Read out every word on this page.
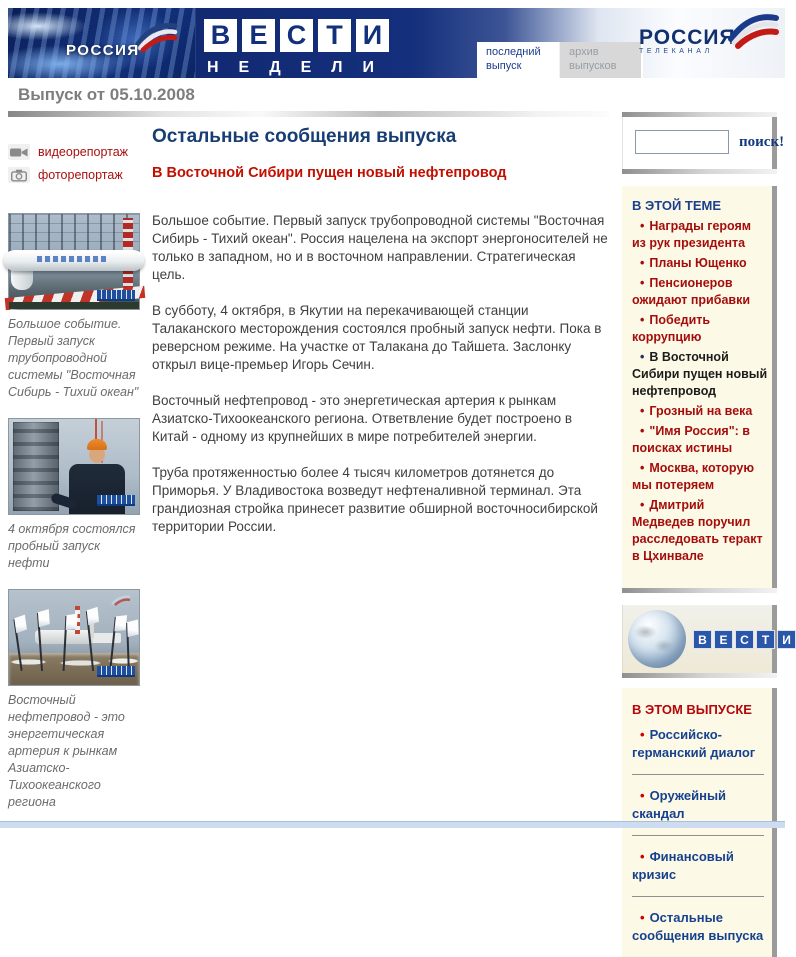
РОССИЯ
В Е С Т И
НЕДЕЛИ
последний выпуск
архив выпусков
РОССИЯ
ТЕЛЕКАНАЛ
Выпуск от 05.10.2008
видеорепортаж
фоторепортаж
Большое событие. Первый запуск трубопроводной системы "Восточная Сибирь - Тихий океан"
4 октября состоялся пробный запуск нефти
Восточный нефтепровод - это энергетическая артерия к рынкам Азиатско-Тихоокеанского региона
Остальные сообщения выпуска
В Восточной Сибири пущен новый нефтепровод

Большое событие. Первый запуск трубопроводной системы "Восточная Сибирь - Тихий океан". Россия нацелена на экспорт энергоносителей не только в западном, но и в восточном направлении. Стратегическая цель.

В субботу, 4 октября, в Якутии на перекачивающей станции Талаканского месторождения состоялся пробный запуск нефти. Пока в реверсном режиме. На участке от Талакана до Тайшета. Заслонку открыл вице-премьер Игорь Сечин.

Восточный нефтепровод - это энергетическая артерия к рынкам Азиатско-Тихоокеанского региона. Ответвление будет построено в Китай - одному из крупнейших в мире потребителей энергии.

Труба протяженностью более 4 тысяч километров дотянется до Приморья. У Владивостока возведут нефтеналивной терминал. Эта грандиозная стройка принесет развитие обширной восточносибирской территории России.

поиск!
В ЭТОЙ ТЕМЕ
• Награды героям из рук президента
• Планы Ющенко
• Пенсионеров ожидают прибавки
• Победить коррупцию
• В Восточной Сибири пущен новый нефтепровод
• Грозный на века
• "Имя Россия": в поисках истины
• Москва, которую мы потеряем
• Дмитрий Медведев поручил расследовать теракт в Цхинвале
В	Е	С	Т	И
В ЭТОМ ВЫПУСКЕ
• Российско-германский диалог
• Оружейный скандал
• Финансовый кризис
• Остальные сообщения выпуска
